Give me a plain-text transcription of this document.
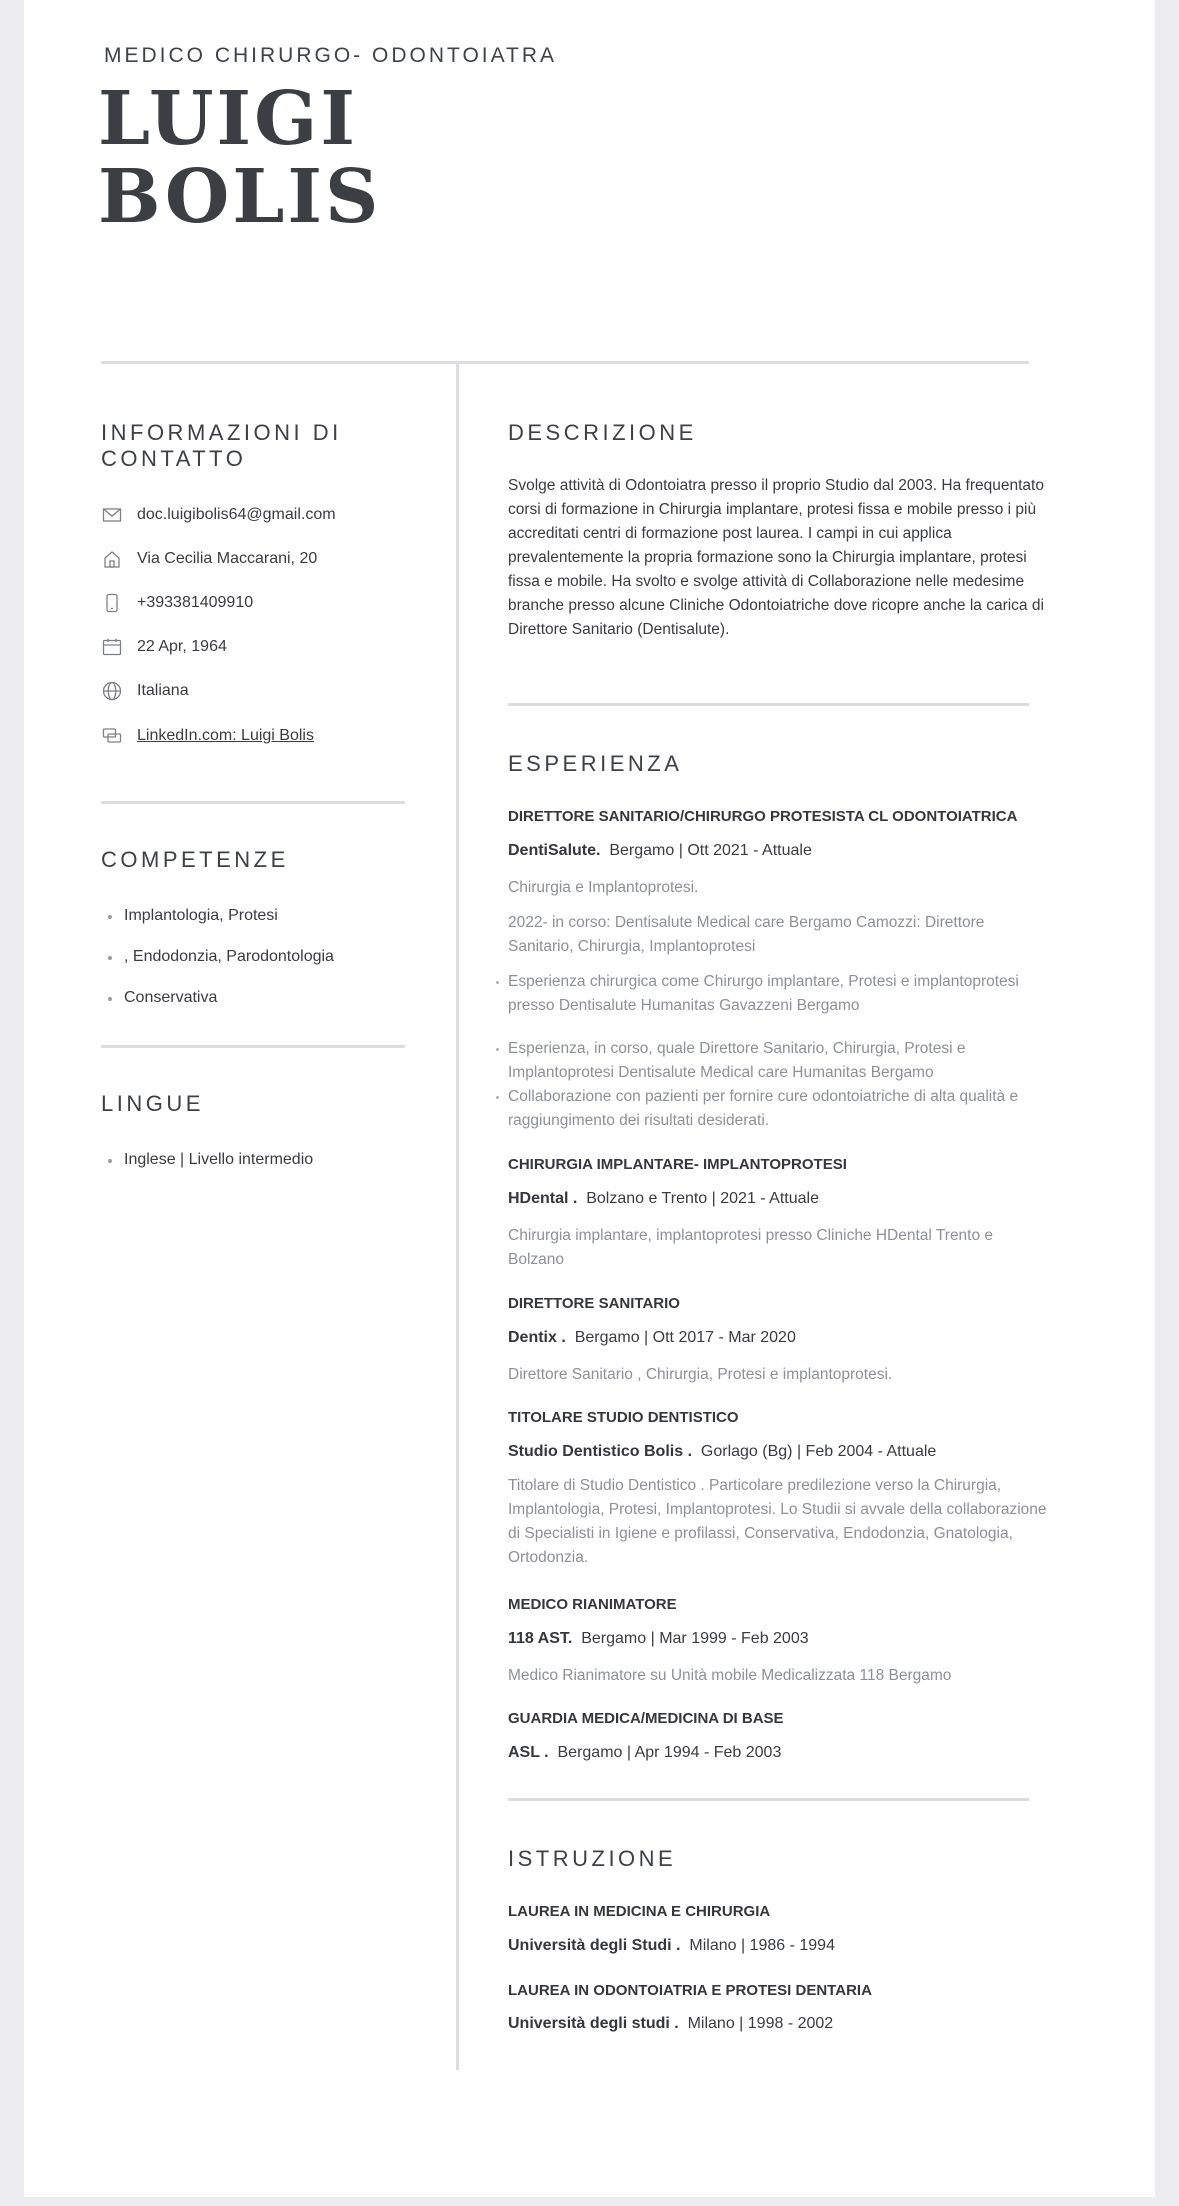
MEDICO CHIRURGO- ODONTOIATRA
LUIGI
BOLIS
INFORMAZIONI DI CONTATTO
doc.luigibolis64@gmail.com
Via Cecilia Maccarani, 20
+393381409910
22 Apr, 1964
Italiana
LinkedIn.com: Luigi Bolis
COMPETENZE
Implantologia, Protesi
, Endodonzia, Parodontologia
Conservativa
LINGUE
Inglese | Livello intermedio
DESCRIZIONE
Svolge attività di Odontoiatra presso il proprio Studio dal 2003. Ha frequentato corsi di formazione in Chirurgia implantare, protesi fissa e mobile presso i più accreditati centri di formazione post laurea. I campi in cui applica prevalentemente la propria formazione sono la Chirurgia implantare, protesi fissa e mobile. Ha svolto e svolge attività di Collaborazione nelle medesime branche presso alcune Cliniche Odontoiatriche dove ricopre anche la carica di Direttore Sanitario (Dentisalute).
ESPERIENZA
DIRETTORE SANITARIO/CHIRURGO PROTESISTA CL ODONTOIATRICA
DentiSalute. Bergamo | Ott 2021 - Attuale
Chirurgia e Implantoprotesi.
2022- in corso: Dentisalute Medical care Bergamo Camozzi: Direttore Sanitario, Chirurgia, Implantoprotesi
Esperienza chirurgica come Chirurgo implantare, Protesi e implantoprotesi presso Dentisalute Humanitas Gavazzeni Bergamo
Esperienza, in corso, quale Direttore Sanitario, Chirurgia, Protesi e Implantoprotesi Dentisalute Medical care Humanitas Bergamo
Collaborazione con pazienti per fornire cure odontoiatriche di alta qualità e raggiungimento dei risultati desiderati.
CHIRURGIA IMPLANTARE- IMPLANTOPROTESI
HDental . Bolzano e Trento | 2021 - Attuale
Chirurgia implantare, implantoprotesi presso Cliniche HDental Trento e Bolzano
DIRETTORE SANITARIO
Dentix . Bergamo | Ott 2017 - Mar 2020
Direttore Sanitario , Chirurgia, Protesi e implantoprotesi.
TITOLARE STUDIO DENTISTICO
Studio Dentistico Bolis . Gorlago (Bg) | Feb 2004 - Attuale
Titolare di Studio Dentistico . Particolare predilezione verso la Chirurgia, Implantologia, Protesi, Implantoprotesi. Lo Studii si avvale della collaborazione di Specialisti in Igiene e profilassi, Conservativa, Endodonzia, Gnatologia, Ortodonzia.
MEDICO RIANIMATORE
118 AST. Bergamo | Mar 1999 - Feb 2003
Medico Rianimatore su Unità mobile Medicalizzata 118 Bergamo
GUARDIA MEDICA/MEDICINA DI BASE
ASL . Bergamo | Apr 1994 - Feb 2003
ISTRUZIONE
LAUREA IN MEDICINA E CHIRURGIA
Università degli Studi . Milano | 1986 - 1994
LAUREA IN ODONTOIATRIA E PROTESI DENTARIA
Università degli studi . Milano | 1998 - 2002
